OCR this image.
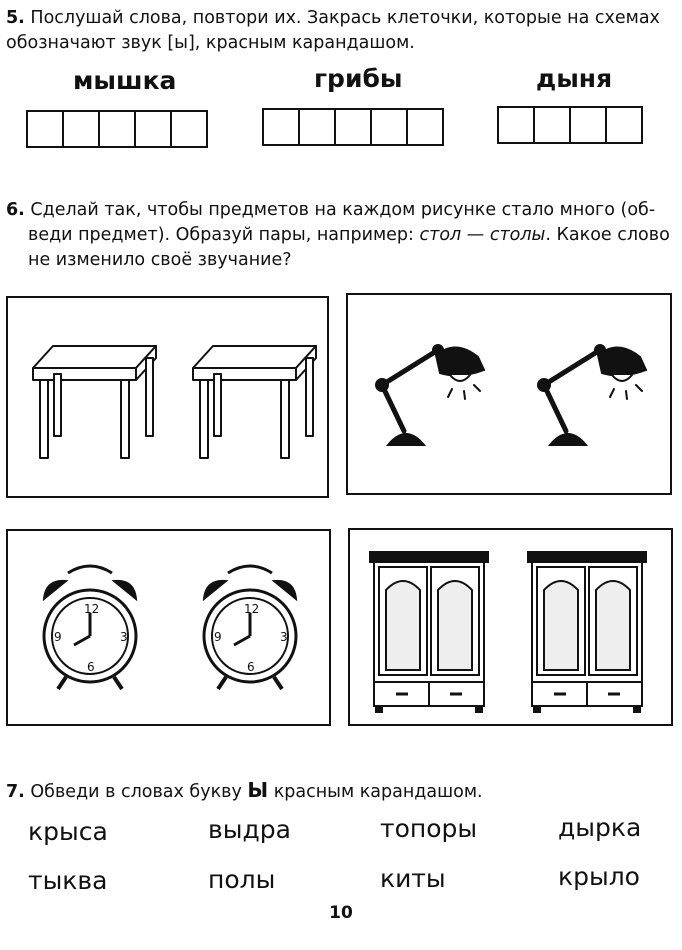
5. Послушай слова, повтори их. Закрась клеточки, которые на схемах обозначают звук [ы], красным карандашом.
мышка	грибы	дыня
6. Сделай так, чтобы предметов на каждом рисунке стало много (об-
веди предмет). Образуй пары, например: стол — столы. Какое слово
не изменило своё звучание?
12
3
6
9
12
3
6
9
7. Обведи в словах букву Ы красным карандашом.
крыса	выдра	топоры	дырка
тыква	полы	киты	крыло
10
